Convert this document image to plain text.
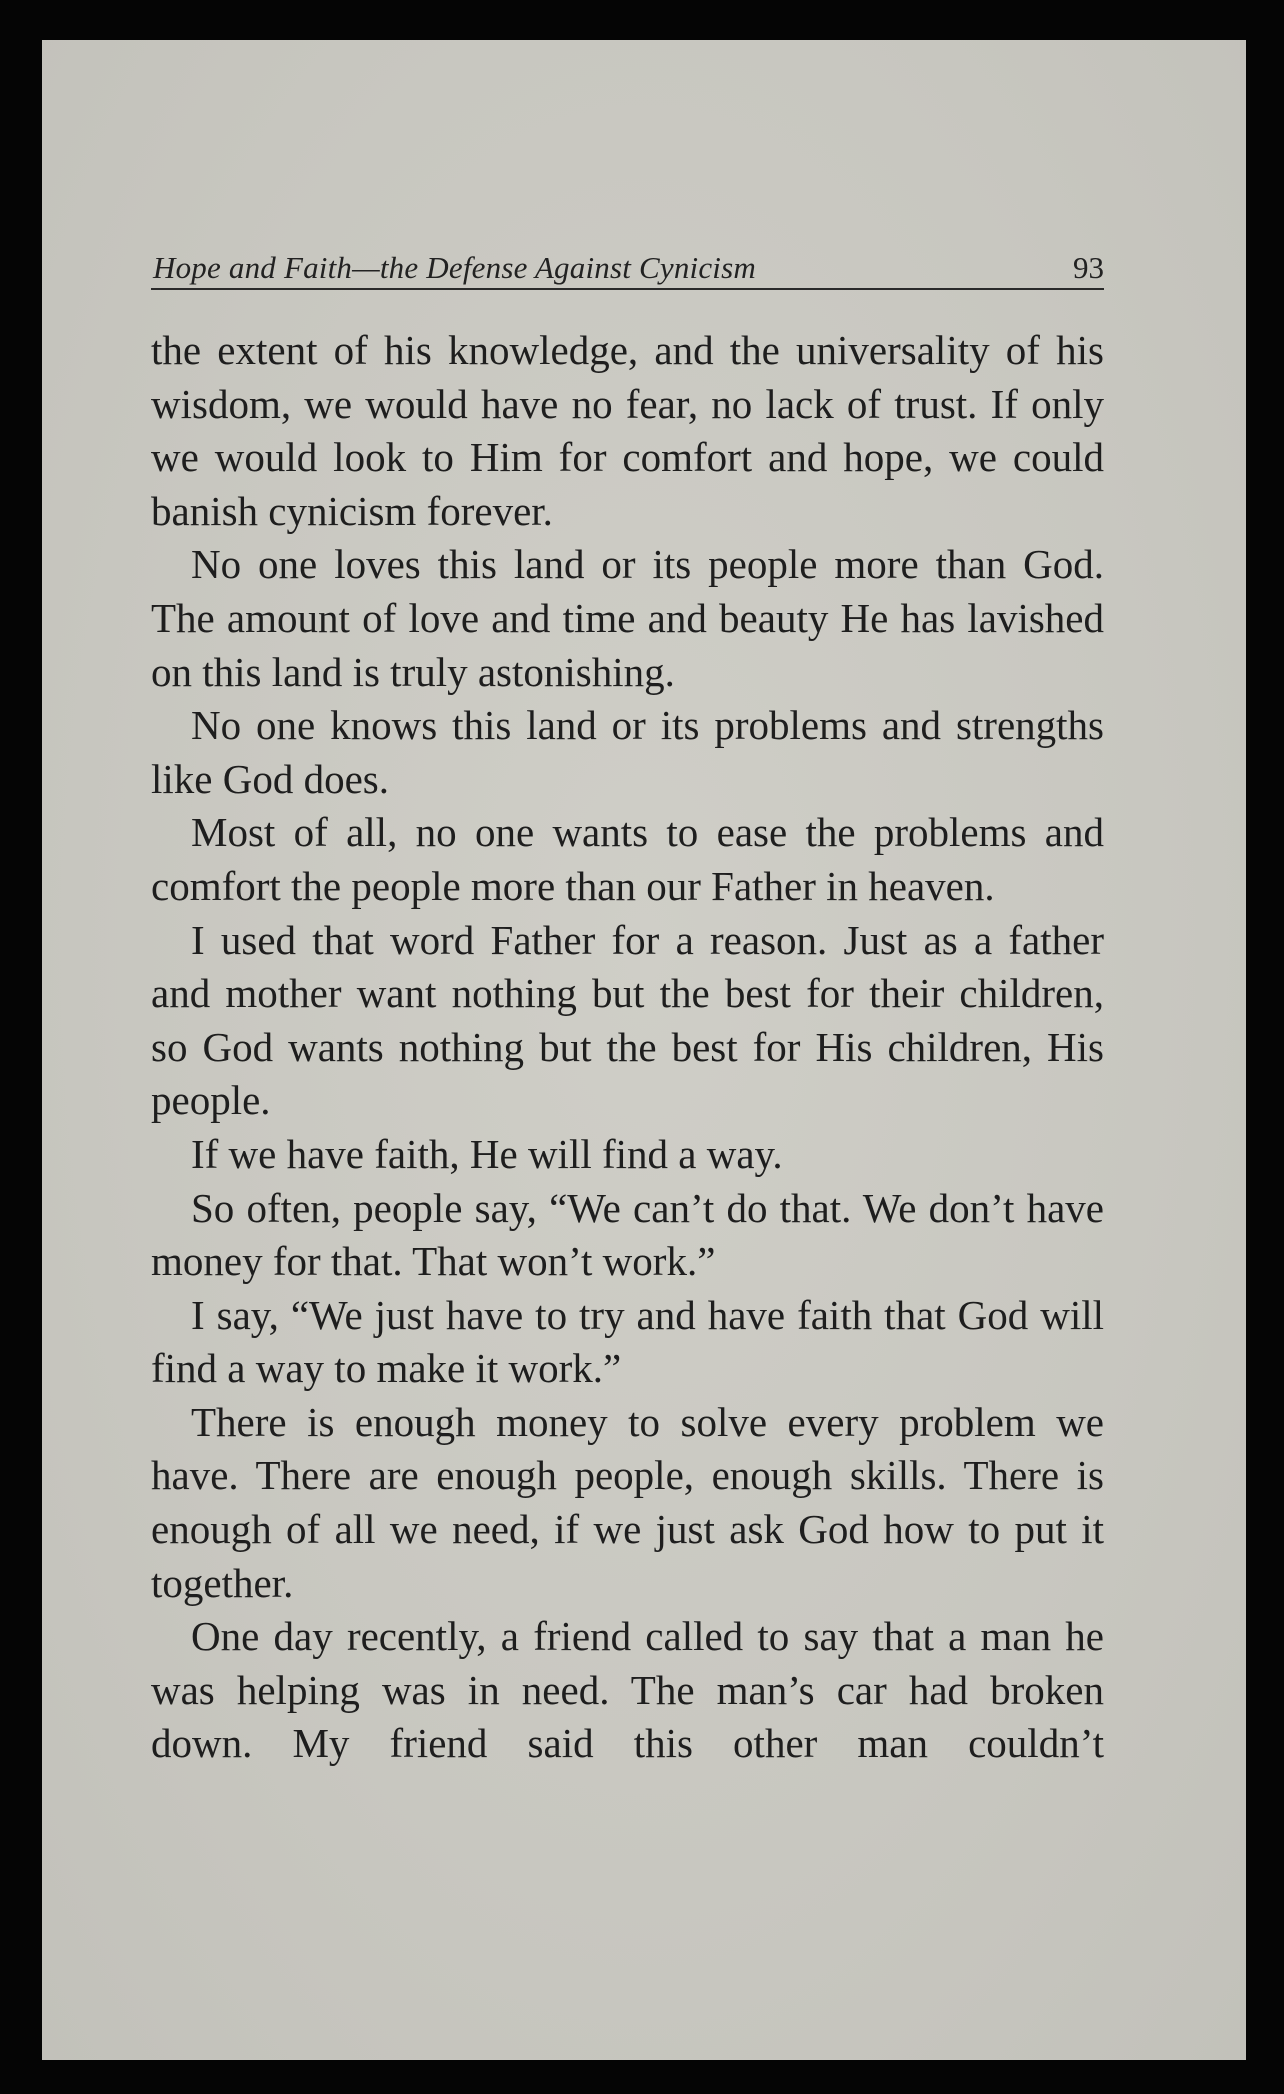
Hope and Faith—the Defense Against Cynicism	93

the extent of his knowledge, and the universality of his wisdom, we would have no fear, no lack of trust. If only we would look to Him for comfort and hope, we could banish cynicism forever.

No one loves this land or its people more than God. The amount of love and time and beauty He has lavished on this land is truly astonishing.

No one knows this land or its problems and strengths like God does.

Most of all, no one wants to ease the problems and comfort the people more than our Father in heaven.

I used that word Father for a reason. Just as a father and mother want nothing but the best for their children, so God wants nothing but the best for His children, His people.

If we have faith, He will find a way.

So often, people say, “We can’t do that. We don’t have money for that. That won’t work.”

I say, “We just have to try and have faith that God will find a way to make it work.”

There is enough money to solve every problem we have. There are enough people, enough skills. There is enough of all we need, if we just ask God how to put it together.

One day recently, a friend called to say that a man he was helping was in need. The man’s car had broken down. My friend said this other man couldn’t
